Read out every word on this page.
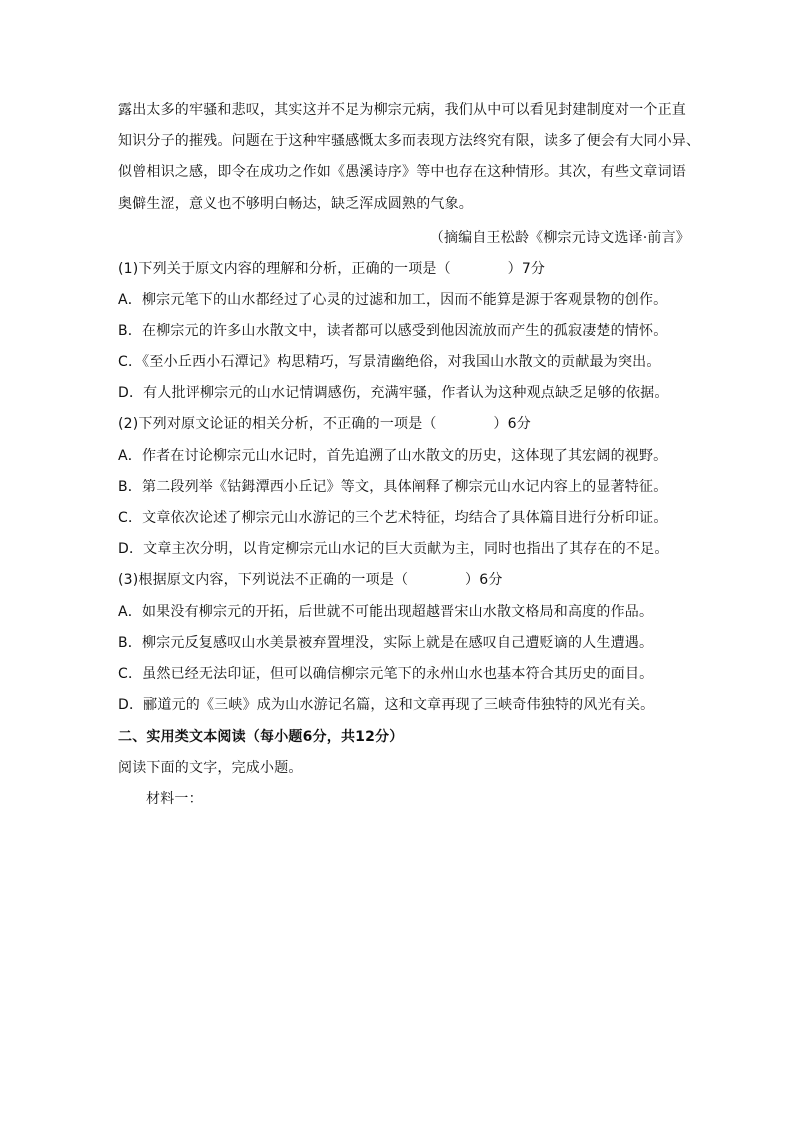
露出太多的牢骚和悲叹，其实这并不足为柳宗元病，我们从中可以看见封建制度对一个正直
知识分子的摧残。问题在于这种牢骚感慨太多而表现方法终究有限，读多了便会有大同小异、
似曾相识之感，即令在成功之作如《愚溪诗序》等中也存在这种情形。其次，有些文章词语
奥僻生涩，意义也不够明白畅达，缺乏浑成圆熟的气象。
（摘编自王松龄《柳宗元诗文选译·前言》
(1)下列关于原文内容的理解和分析，正确的一项是（　　　　）7分
A．柳宗元笔下的山水都经过了心灵的过滤和加工，因而不能算是源于客观景物的创作。
B．在柳宗元的许多山水散文中，读者都可以感受到他因流放而产生的孤寂凄楚的情怀。
C．《至小丘西小石潭记》构思精巧，写景清幽绝俗，对我国山水散文的贡献最为突出。
D．有人批评柳宗元的山水记情调感伤，充满牢骚，作者认为这种观点缺乏足够的依据。
(2)下列对原文论证的相关分析，不正确的一项是（　　　　）6分
A．作者在讨论柳宗元山水记时，首先追溯了山水散文的历史，这体现了其宏阔的视野。
B．第二段列举《钴鉧潭西小丘记》等文，具体阐释了柳宗元山水记内容上的显著特征。
C．文章依次论述了柳宗元山水游记的三个艺术特征，均结合了具体篇目进行分析印证。
D．文章主次分明，以肯定柳宗元山水记的巨大贡献为主，同时也指出了其存在的不足。
(3)根据原文内容，下列说法不正确的一项是（　　　　）6分
A．如果没有柳宗元的开拓，后世就不可能出现超越晋宋山水散文格局和高度的作品。
B．柳宗元反复感叹山水美景被弃置埋没，实际上就是在感叹自己遭贬谪的人生遭遇。
C．虽然已经无法印证，但可以确信柳宗元笔下的永州山水也基本符合其历史的面目。
D．郦道元的《三峡》成为山水游记名篇，这和文章再现了三峡奇伟独特的风光有关。
二、实用类文本阅读（每小题6分，共12分）
阅读下面的文字，完成小题。
材料一：
